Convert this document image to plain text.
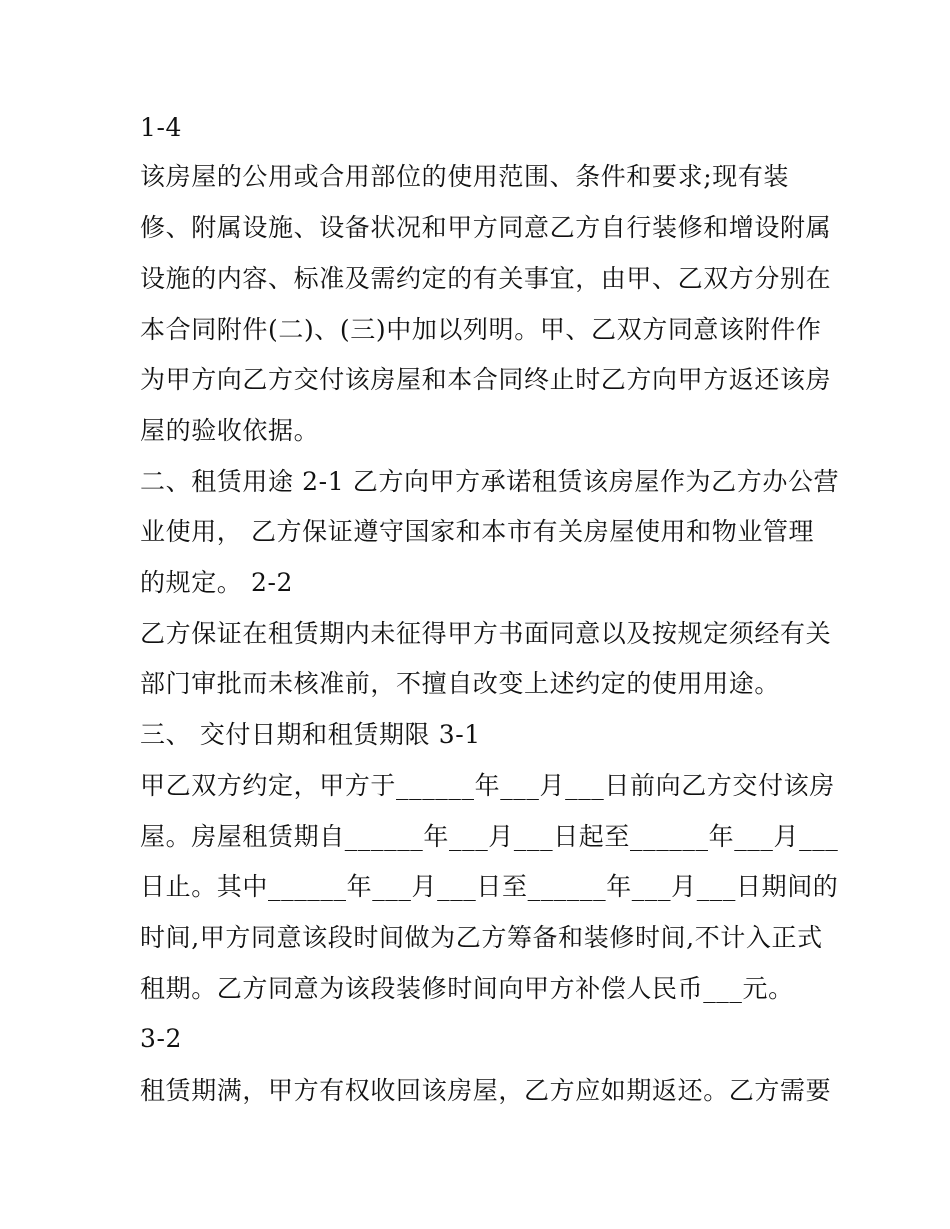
1-4
该房屋的公用或合用部位的使用范围、条件和要求;现有装
修、附属设施、设备状况和甲方同意乙方自行装修和增设附属
设施的内容、标准及需约定的有关事宜，由甲、乙双方分别在
本合同附件(二)、(三)中加以列明。甲、乙双方同意该附件作
为甲方向乙方交付该房屋和本合同终止时乙方向甲方返还该房
屋的验收依据。
二、租赁用途 2-1 乙方向甲方承诺租赁该房屋作为乙方办公营
业使用， 乙方保证遵守国家和本市有关房屋使用和物业管理
的规定。 2-2
乙方保证在租赁期内未征得甲方书面同意以及按规定须经有关
部门审批而未核准前，不擅自改变上述约定的使用用途。
三、 交付日期和租赁期限 3-1
甲乙双方约定，甲方于______年___月___日前向乙方交付该房
屋。房屋租赁期自______年___月___日起至______年___月___
日止。其中______年___月___日至______年___月___日期间的
时间,甲方同意该段时间做为乙方筹备和装修时间,不计入正式
租期。乙方同意为该段装修时间向甲方补偿人民币___元。
3-2
租赁期满，甲方有权收回该房屋，乙方应如期返还。乙方需要
